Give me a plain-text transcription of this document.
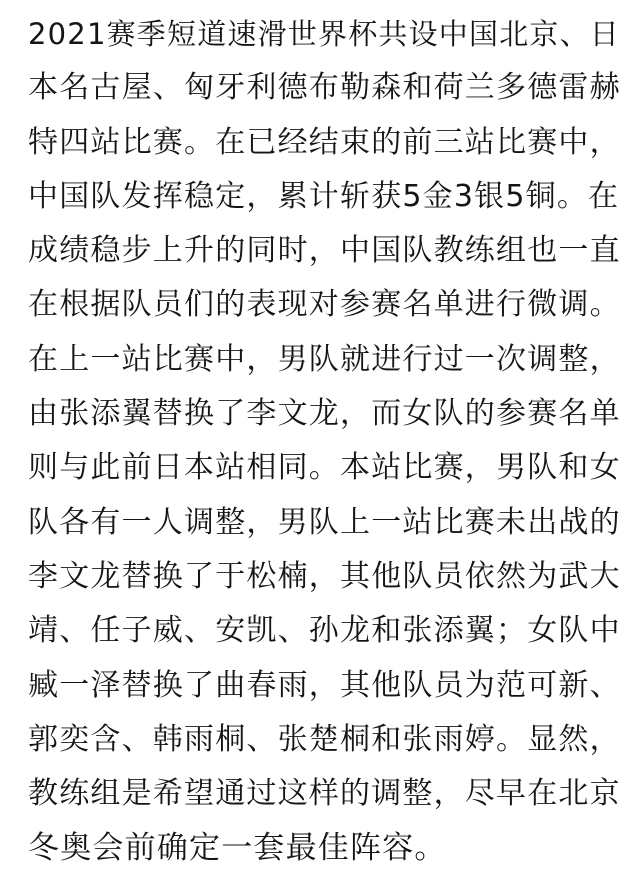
2021赛季短道速滑世界杯共设中国北京、日
本名古屋、匈牙利德布勒森和荷兰多德雷赫
特四站比赛。在已经结束的前三站比赛中，
中国队发挥稳定，累计斩获5金3银5铜。在
成绩稳步上升的同时，中国队教练组也一直
在根据队员们的表现对参赛名单进行微调。
在上一站比赛中，男队就进行过一次调整，
由张添翼替换了李文龙，而女队的参赛名单
则与此前日本站相同。本站比赛，男队和女
队各有一人调整，男队上一站比赛未出战的
李文龙替换了于松楠，其他队员依然为武大
靖、任子威、安凯、孙龙和张添翼；女队中
臧一泽替换了曲春雨，其他队员为范可新、
郭奕含、韩雨桐、张楚桐和张雨婷。显然，
教练组是希望通过这样的调整，尽早在北京
冬奥会前确定一套最佳阵容。
